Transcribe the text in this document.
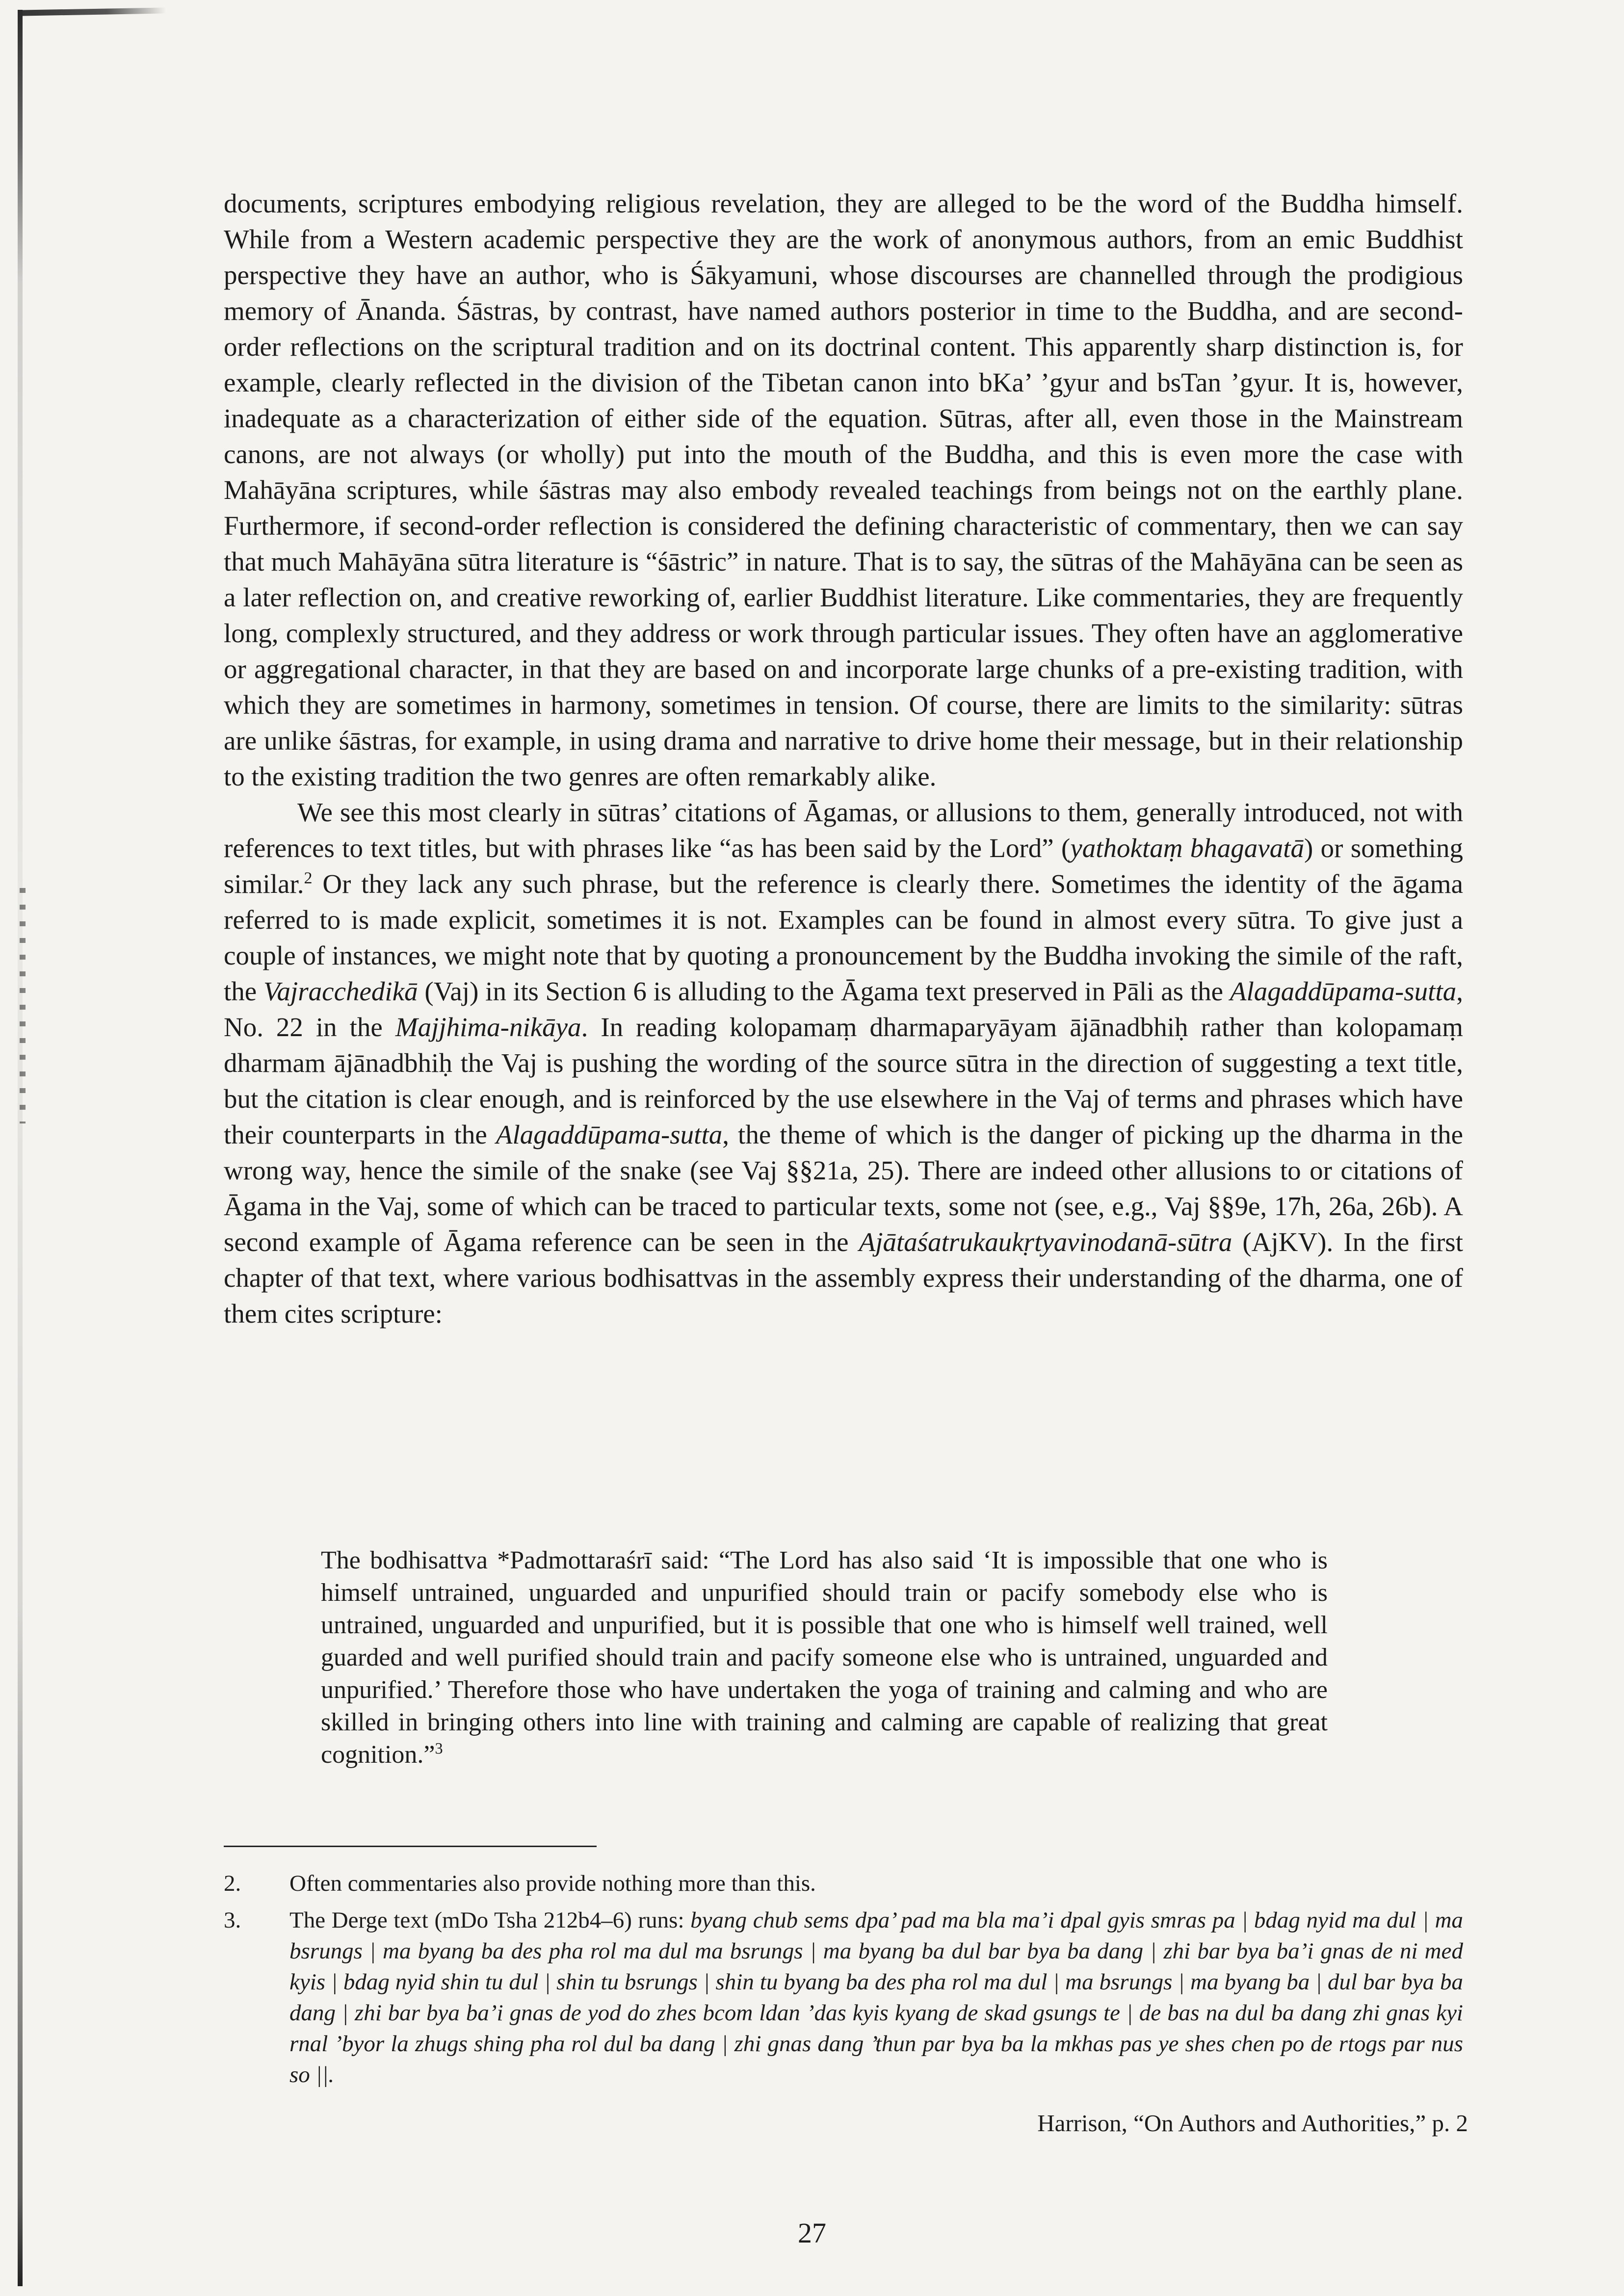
documents, scriptures embodying religious revelation, they are alleged to be the word of the Buddha himself. While from a Western academic perspective they are the work of anonymous authors, from an emic Buddhist perspective they have an author, who is Śākyamuni, whose discourses are channelled through the prodigious memory of Ānanda. Śāstras, by contrast, have named authors posterior in time to the Buddha, and are second-order reflections on the scriptural tradition and on its doctrinal content. This apparently sharp distinction is, for example, clearly reflected in the division of the Tibetan canon into bKa’ ’gyur and bsTan ’gyur. It is, however, inadequate as a characterization of either side of the equation. Sūtras, after all, even those in the Mainstream canons, are not always (or wholly) put into the mouth of the Buddha, and this is even more the case with Mahāyāna scriptures, while śāstras may also embody revealed teachings from beings not on the earthly plane. Furthermore, if second-order reflection is considered the defining characteristic of commentary, then we can say that much Mahāyāna sūtra literature is “śāstric” in nature. That is to say, the sūtras of the Mahāyāna can be seen as a later reflection on, and creative reworking of, earlier Buddhist literature. Like commentaries, they are frequently long, complexly structured, and they address or work through particular issues. They often have an agglomerative or aggregational character, in that they are based on and incorporate large chunks of a pre-existing tradition, with which they are sometimes in harmony, sometimes in tension. Of course, there are limits to the similarity: sūtras are unlike śāstras, for example, in using drama and narrative to drive home their message, but in their relationship to the existing tradition the two genres are often remarkably alike.

We see this most clearly in sūtras’ citations of Āgamas, or allusions to them, generally introduced, not with references to text titles, but with phrases like “as has been said by the Lord” (yathoktaṃ bhagavatā) or something similar.$^2$ Or they lack any such phrase, but the reference is clearly there. Sometimes the identity of the āgama referred to is made explicit, sometimes it is not. Examples can be found in almost every sūtra. To give just a couple of instances, we might note that by quoting a pronouncement by the Buddha invoking the simile of the raft, the Vajracchedikā (Vaj) in its Section 6 is alluding to the Āgama text preserved in Pāli as the Alagaddūpama-sutta, No. 22 in the Majjhima-nikāya. In reading kolopamaṃ dharmaparyāyam ājānadbhiḥ rather than kolopamaṃ dharmam ājānadbhiḥ the Vaj is pushing the wording of the source sūtra in the direction of suggesting a text title, but the citation is clear enough, and is reinforced by the use elsewhere in the Vaj of terms and phrases which have their counterparts in the Alagaddūpama-sutta, the theme of which is the danger of picking up the dharma in the wrong way, hence the simile of the snake (see Vaj §§21a, 25). There are indeed other allusions to or citations of Āgama in the Vaj, some of which can be traced to particular texts, some not (see, e.g., Vaj §§9e, 17h, 26a, 26b). A second example of Āgama reference can be seen in the Ajātaśatrukaukṛtyavinodanā-sūtra (AjKV). In the first chapter of that text, where various bodhisattvas in the assembly express their understanding of the dharma, one of them cites scripture:

The bodhisattva *Padmottaraśrī said: “The Lord has also said ‘It is impossible that one who is himself untrained, unguarded and unpurified should train or pacify somebody else who is untrained, unguarded and unpurified, but it is possible that one who is himself well trained, well guarded and well purified should train and pacify someone else who is untrained, unguarded and unpurified.’ Therefore those who have undertaken the yoga of training and calming and who are skilled in bringing others into line with training and calming are capable of realizing that great cognition.”$^3$
2.	Often commentaries also provide nothing more than this.
3.	The Derge text (mDo Tsha 212b4–6) runs: byang chub sems dpa’ pad ma bla ma’i dpal gyis smras pa | bdag nyid ma dul | ma bsrungs | ma byang ba des pha rol ma dul ma bsrungs | ma byang ba dul bar bya ba dang | zhi bar bya ba’i gnas de ni med kyis | bdag nyid shin tu dul | shin tu bsrungs | shin tu byang ba des pha rol ma dul | ma bsrungs | ma byang ba | dul bar bya ba dang | zhi bar bya ba’i gnas de yod do zhes bcom ldan ’das kyis kyang de skad gsungs te | de bas na dul ba dang zhi gnas kyi rnal ’byor la zhugs shing pha rol dul ba dang | zhi gnas dang ’thun par bya ba la mkhas pas ye shes chen po de rtogs par nus so ||.
Harrison, “On Authors and Authorities,” p. 2
27
